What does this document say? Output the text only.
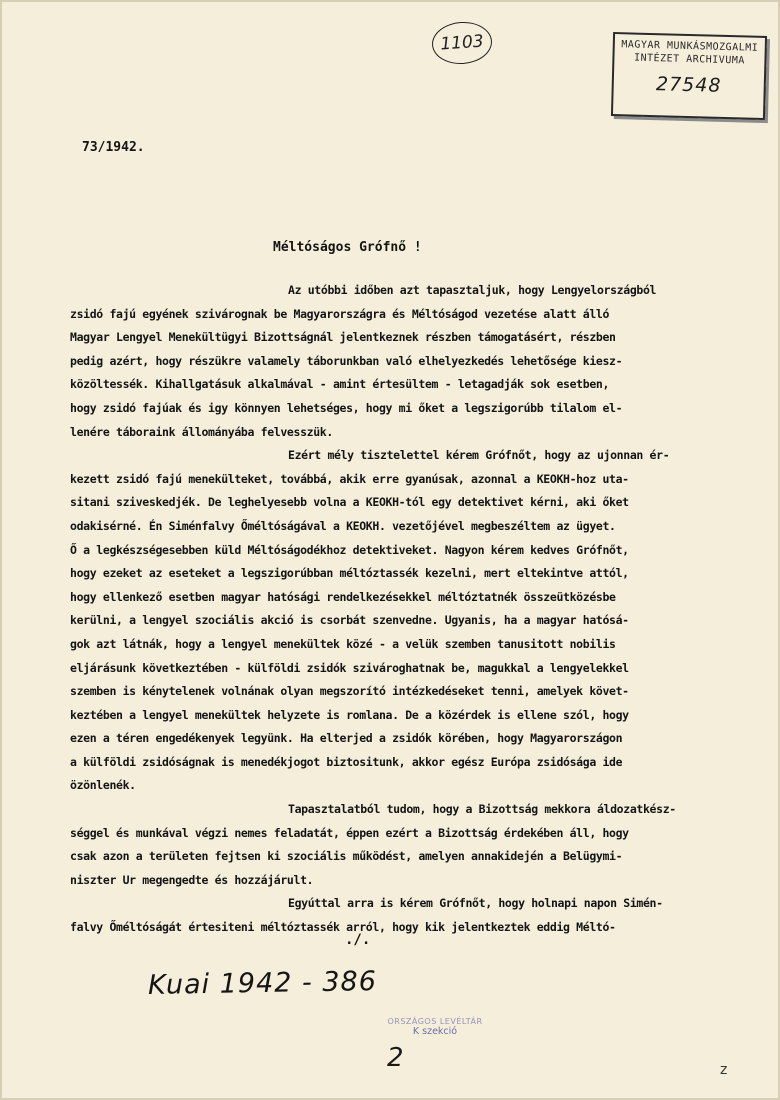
1103	MAGYAR MUNKÁSMOZGALMI
INTÉZET ARCHIVUMA
27548
73/1942.
Méltóságos Grófnő !
Az utóbbi időben azt tapasztaljuk, hogy Lengyelországból
zsidó fajú egyének szivárognak be Magyarországra és Méltóságod vezetése alatt álló
Magyar Lengyel Menekültügyi Bizottságnál jelentkeznek részben támogatásért, részben
pedig azért, hogy részükre valamely táborunkban való elhelyezkedés lehetősége kiesz-
közöltessék. Kihallgatásuk alkalmával - amint értesültem - letagadják sok esetben,
hogy zsidó fajúak és igy könnyen lehetséges, hogy mi őket a legszigorúbb tilalom el-
lenére táboraink állományába felvesszük.
Ezért mély tisztelettel kérem Grófnőt, hogy az ujonnan ér-
kezett zsidó fajú menekülteket, továbbá, akik erre gyanúsak, azonnal a KEOKH-hoz uta-
sitani sziveskedjék. De leghelyesebb volna a KEOKH-tól egy detektivet kérni, aki őket
odakisérné. Én Siménfalvy Őméltóságával a KEOKH. vezetőjével megbeszéltem az ügyet.
Ő a legkészségesebben küld Méltóságodékhoz detektiveket. Nagyon kérem kedves Grófnőt,
hogy ezeket az eseteket a legszigorúbban méltóztassék kezelni, mert eltekintve attól,
hogy ellenkező esetben magyar hatósági rendelkezésekkel méltóztatnék összeütközésbe
kerülni, a lengyel szociális akció is csorbát szenvedne. Ugyanis, ha a magyar hatósá-
gok azt látnák, hogy a lengyel menekültek közé - a velük szemben tanusitott nobilis
eljárásunk következtében - külföldi zsidók szivároghatnak be, magukkal a lengyelekkel
szemben is kénytelenek volnának olyan megszorító intézkedéseket tenni, amelyek követ-
keztében a lengyel menekültek helyzete is romlana. De a közérdek is ellene szól, hogy
ezen a téren engedékenyek legyünk. Ha elterjed a zsidók körében, hogy Magyarországon
a külföldi zsidóságnak is menedékjogot biztositunk, akkor egész Európa zsidósága ide
özönlenék.
Tapasztalatból tudom, hogy a Bizottság mekkora áldozatkész-
séggel és munkával végzi nemes feladatát, éppen ezért a Bizottság érdekében áll, hogy
csak azon a területen fejtsen ki szociális működést, amelyen annakidején a Belügymi-
niszter Ur megengedte és hozzájárult.
Egyúttal arra is kérem Grófnőt, hogy holnapi napon Simén-
falvy Őméltóságát értesiteni méltóztassék arról, hogy kik jelentkeztek eddig Méltó-
./.
Kuai 1942 - 386
ORSZÁGOS LEVÉLTÁR
K szekció
2	z
